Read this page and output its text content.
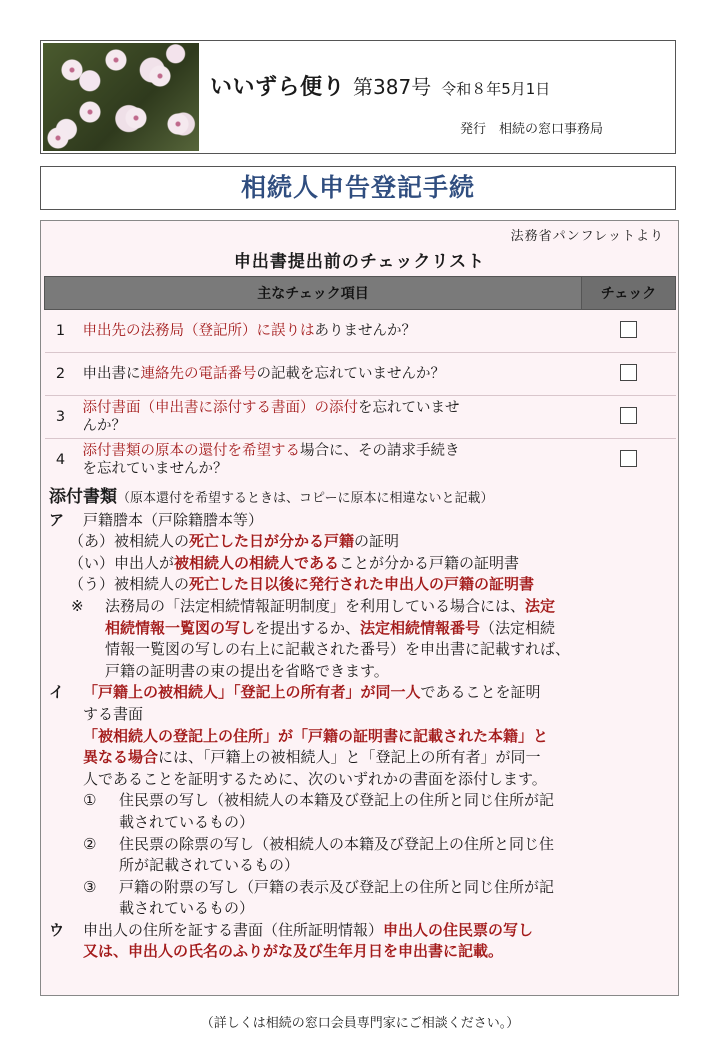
いいずら便り 第387号 令和８年5月1日
発行　相続の窓口事務局
相続人申告登記手続
法務省パンフレットより
申出書提出前のチェックリスト
主なチェック項目		チェック
1	申出先の法務局（登記所）に誤りはありませんか？	
2	申出書に連絡先の電話番号の記載を忘れていませんか？	
3	添付書面（申出書に添付する書面）の添付を忘れていませ
んか？	
4	添付書類の原本の還付を希望する場合に、その請求手続き
を忘れていませんか？	
添付書類（原本還付を希望するときは、コピーに原本に相違ないと記載）
ア 戸籍謄本（戸除籍謄本等）
（あ）被相続人の死亡した日が分かる戸籍の証明
（い）申出人が被相続人の相続人であることが分かる戸籍の証明書
（う）被相続人の死亡した日以後に発行された申出人の戸籍の証明書
※ 法務局の「法定相続情報証明制度」を利用している場合には、法定
相続情報一覧図の写しを提出するか、法定相続情報番号（法定相続
情報一覧図の写しの右上に記載された番号）を申出書に記載すれば、
戸籍の証明書の束の提出を省略できます。
イ 「戸籍上の被相続人」「登記上の所有者」が同一人であることを証明
する書面
「被相続人の登記上の住所」が「戸籍の証明書に記載された本籍」と
異なる場合には、「戸籍上の被相続人」と「登記上の所有者」が同一
人であることを証明するために、次のいずれかの書面を添付します。
① 住民票の写し（被相続人の本籍及び登記上の住所と同じ住所が記
載されているもの）
② 住民票の除票の写し（被相続人の本籍及び登記上の住所と同じ住
所が記載されているもの）
③ 戸籍の附票の写し（戸籍の表示及び登記上の住所と同じ住所が記
載されているもの）
ウ 申出人の住所を証する書面（住所証明情報）申出人の住民票の写し
又は、申出人の氏名のふりがな及び生年月日を申出書に記載。
（詳しくは相続の窓口会員専門家にご相談ください。）
